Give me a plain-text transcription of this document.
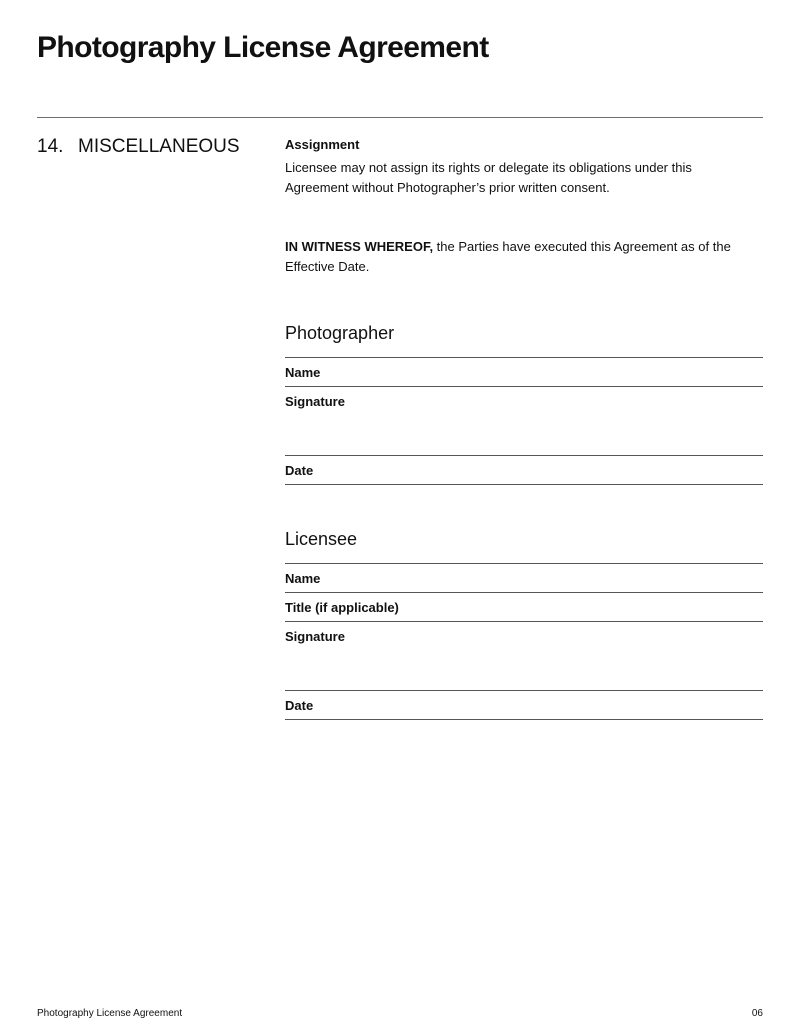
Photography License Agreement
14. MISCELLANEOUS	Assignment

Licensee may not assign its rights or delegate its obligations under this Agreement without Photographer’s prior written consent.

IN WITNESS WHEREOF, the Parties have executed this Agreement as of the Effective Date.

Photographer
Name
Signature
Date
Licensee
Name
Title (if applicable)
Signature
Date
Photography License Agreement	06
